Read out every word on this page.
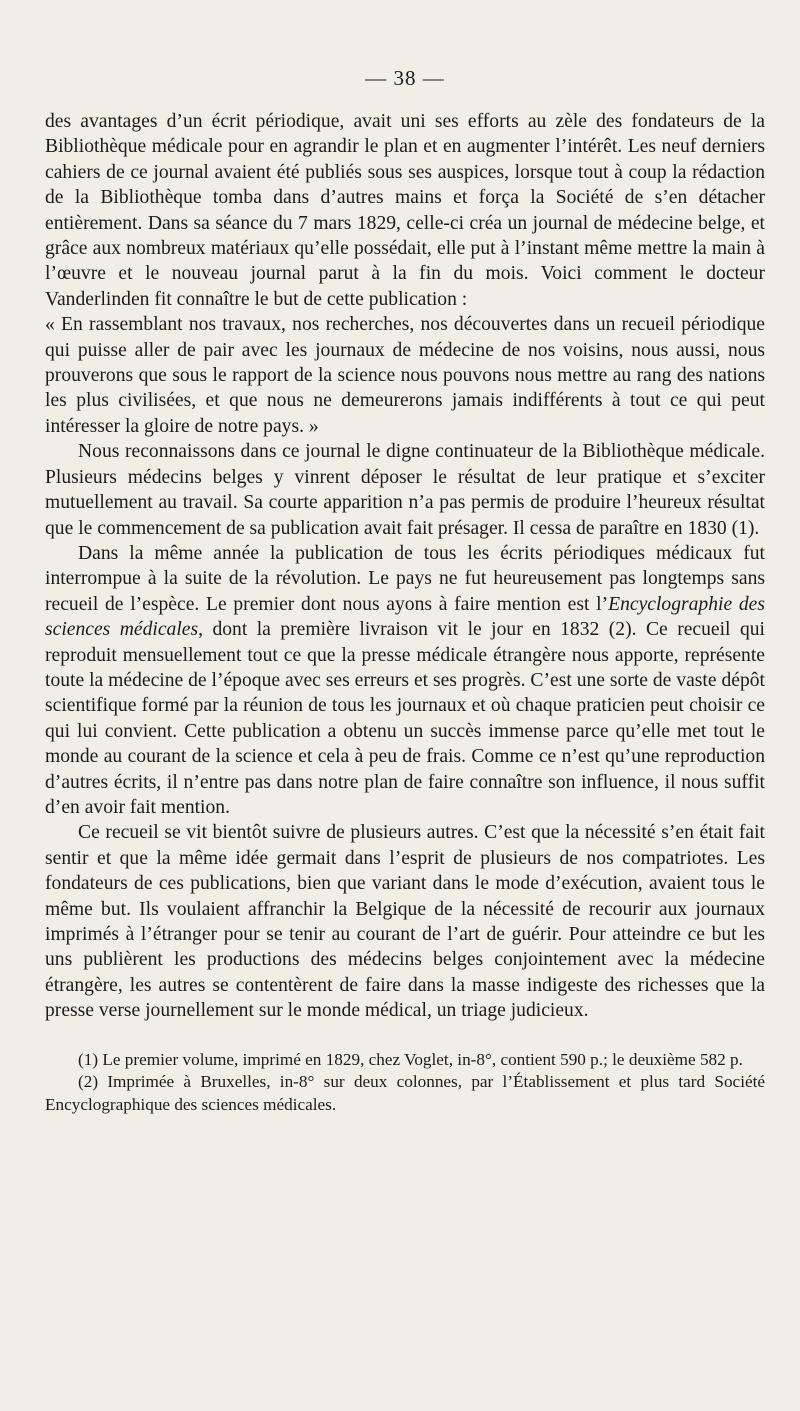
— 38 —

des avantages d’un écrit périodique, avait uni ses efforts au zèle des fondateurs de la Bibliothèque médicale pour en agrandir le plan et en augmenter l’intérêt. Les neuf derniers cahiers de ce journal avaient été publiés sous ses auspices, lorsque tout à coup la rédaction de la Bibliothèque tomba dans d’autres mains et força la Société de s’en détacher entièrement. Dans sa séance du 7 mars 1829, celle-ci créa un journal de médecine belge, et grâce aux nombreux matériaux qu’elle possédait, elle put à l’instant même mettre la main à l’œuvre et le nouveau journal parut à la fin du mois. Voici comment le docteur Vanderlinden fit connaître le but de cette publication :

« En rassemblant nos travaux, nos recherches, nos découvertes dans un recueil périodique qui puisse aller de pair avec les journaux de médecine de nos voisins, nous aussi, nous prouverons que sous le rapport de la science nous pouvons nous mettre au rang des nations les plus civilisées, et que nous ne demeurerons jamais indifférents à tout ce qui peut intéresser la gloire de notre pays. »

Nous reconnaissons dans ce journal le digne continuateur de la Bibliothèque médicale. Plusieurs médecins belges y vinrent déposer le résultat de leur pratique et s’exciter mutuellement au travail. Sa courte apparition n’a pas permis de produire l’heureux résultat que le commencement de sa publication avait fait présager. Il cessa de paraître en 1830 (1).

Dans la même année la publication de tous les écrits périodiques médicaux fut interrompue à la suite de la révolution. Le pays ne fut heureusement pas longtemps sans recueil de l’espèce. Le premier dont nous ayons à faire mention est l’Encyclographie des sciences médicales, dont la première livraison vit le jour en 1832 (2). Ce recueil qui reproduit mensuellement tout ce que la presse médicale étrangère nous apporte, représente toute la médecine de l’époque avec ses erreurs et ses progrès. C’est une sorte de vaste dépôt scientifique formé par la réunion de tous les journaux et où chaque praticien peut choisir ce qui lui convient. Cette publication a obtenu un succès immense parce qu’elle met tout le monde au courant de la science et cela à peu de frais. Comme ce n’est qu’une reproduction d’autres écrits, il n’entre pas dans notre plan de faire connaître son influence, il nous suffit d’en avoir fait mention.

Ce recueil se vit bientôt suivre de plusieurs autres. C’est que la nécessité s’en était fait sentir et que la même idée germait dans l’esprit de plusieurs de nos compatriotes. Les fondateurs de ces publications, bien que variant dans le mode d’exécution, avaient tous le même but. Ils voulaient affranchir la Belgique de la nécessité de recourir aux journaux imprimés à l’étranger pour se tenir au courant de l’art de guérir. Pour atteindre ce but les uns publièrent les productions des médecins belges conjointement avec la médecine étrangère, les autres se contentèrent de faire dans la masse indigeste des richesses que la presse verse journellement sur le monde médical, un triage judicieux.

(1) Le premier volume, imprimé en 1829, chez Voglet, in-8°, contient 590 p.; le deuxième 582 p.

(2) Imprimée à Bruxelles, in-8° sur deux colonnes, par l’Établissement et plus tard Société Encyclographique des sciences médicales.
